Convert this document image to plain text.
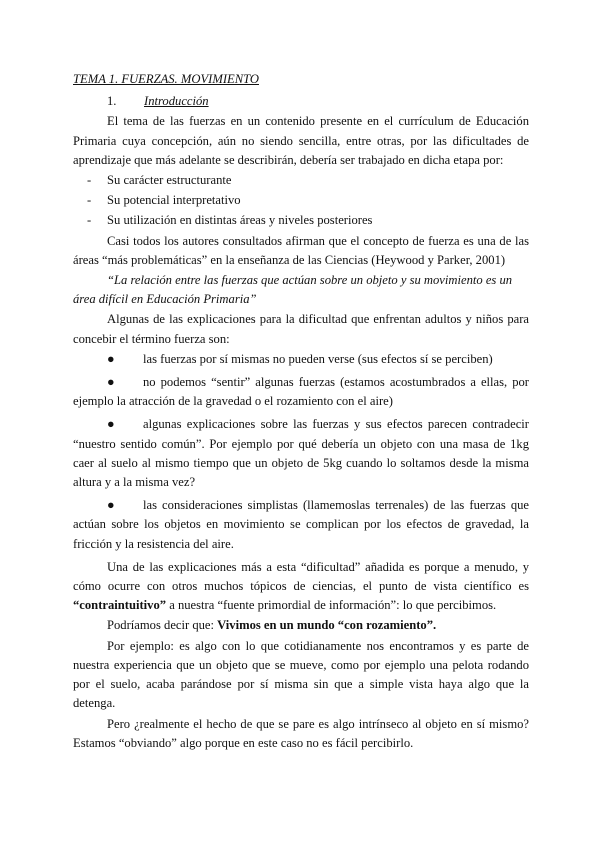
TEMA 1. FUERZAS. MOVIMIENTO
1.	Introducción

El tema de las fuerzas en un contenido presente en el currículum de Educación Primaria cuya concepción, aún no siendo sencilla, entre otras, por las dificultades de aprendizaje que más adelante se describirán, debería ser trabajado en dicha etapa por:

-	Su carácter estructurante
-	Su potencial interpretativo
-	Su utilización en distintas áreas y niveles posteriores

Casi todos los autores consultados afirman que el concepto de fuerza es una de las áreas “más problemáticas” en la enseñanza de las Ciencias (Heywood y Parker, 2001)

“La relación entre las fuerzas que actúan sobre un objeto y su movimiento es un área difícil en Educación Primaria”

Algunas de las explicaciones para la dificultad que enfrentan adultos y niños para concebir el término fuerza son:

● las fuerzas por sí mismas no pueden verse (sus efectos sí se perciben)
● no podemos “sentir” algunas fuerzas (estamos acostumbrados a ellas, por ejemplo la atracción de la gravedad o el rozamiento con el aire)
● algunas explicaciones sobre las fuerzas y sus efectos parecen contradecir “nuestro sentido común”. Por ejemplo por qué debería un objeto con una masa de 1kg caer al suelo al mismo tiempo que un objeto de 5kg cuando lo soltamos desde la misma altura y a la misma vez?
● las consideraciones simplistas (llamemoslas terrenales) de las fuerzas que actúan sobre los objetos en movimiento se complican por los efectos de gravedad, la fricción y la resistencia del aire.

Una de las explicaciones más a esta “dificultad” añadida es porque a menudo, y cómo ocurre con otros muchos tópicos de ciencias, el punto de vista científico es “contraintuitivo” a nuestra “fuente primordial de información”: lo que percibimos.

Podríamos decir que: Vivimos en un mundo “con rozamiento”.

Por ejemplo: es algo con lo que cotidianamente nos encontramos y es parte de nuestra experiencia que un objeto que se mueve, como por ejemplo una pelota rodando por el suelo, acaba parándose por sí misma sin que a simple vista haya algo que la detenga.

Pero ¿realmente el hecho de que se pare es algo intrínseco al objeto en sí mismo? Estamos “obviando” algo porque en este caso no es fácil percibirlo.
